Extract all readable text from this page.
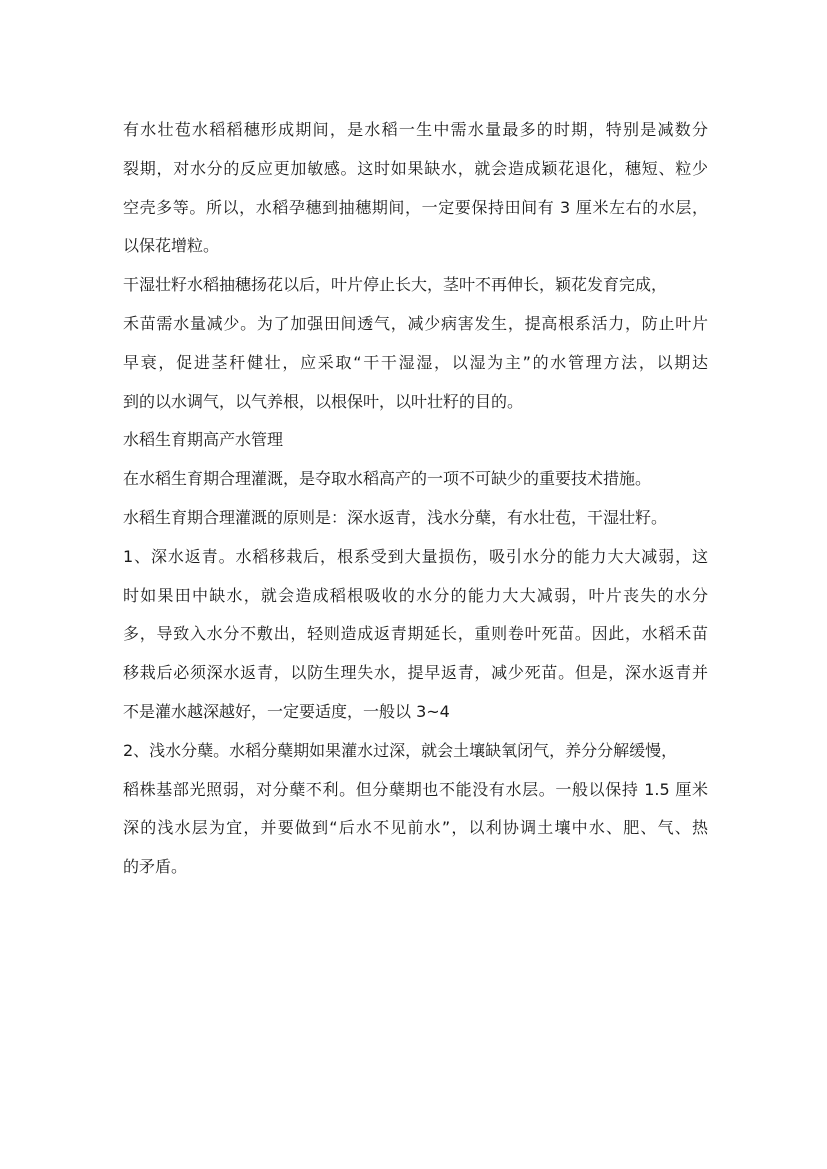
有水壮苞水稻稻穗形成期间，是水稻一生中需水量最多的时期，特别是减数分
裂期，对水分的反应更加敏感。这时如果缺水，就会造成颖花退化，穗短、粒少
空壳多等。所以，水稻孕穗到抽穗期间，一定要保持田间有 3 厘米左右的水层，
以保花增粒。
干湿壮籽水稻抽穗扬花以后，叶片停止长大，茎叶不再伸长，颖花发育完成，
禾苗需水量减少。为了加强田间透气，减少病害发生，提高根系活力，防止叶片
早衰，促进茎秆健壮，应采取“干干湿湿，以湿为主”的水管理方法，以期达
到的以水调气，以气养根，以根保叶，以叶壮籽的目的。
水稻生育期高产水管理
在水稻生育期合理灌溉，是夺取水稻高产的一项不可缺少的重要技术措施。
水稻生育期合理灌溉的原则是：深水返青，浅水分蘖，有水壮苞，干湿壮籽。
1、深水返青。水稻移栽后，根系受到大量损伤，吸引水分的能力大大减弱，这
时如果田中缺水，就会造成稻根吸收的水分的能力大大减弱，叶片丧失的水分
多，导致入水分不敷出，轻则造成返青期延长，重则卷叶死苗。因此，水稻禾苗
移栽后必须深水返青，以防生理失水，提早返青，减少死苗。但是，深水返青并
不是灌水越深越好，一定要适度，一般以 3~4
2、浅水分蘖。水稻分蘖期如果灌水过深，就会土壤缺氧闭气，养分分解缓慢，
稻株基部光照弱，对分蘖不利。但分蘖期也不能没有水层。一般以保持 1.5 厘米
深的浅水层为宜，并要做到“后水不见前水”，以利协调土壤中水、肥、气、热
的矛盾。
